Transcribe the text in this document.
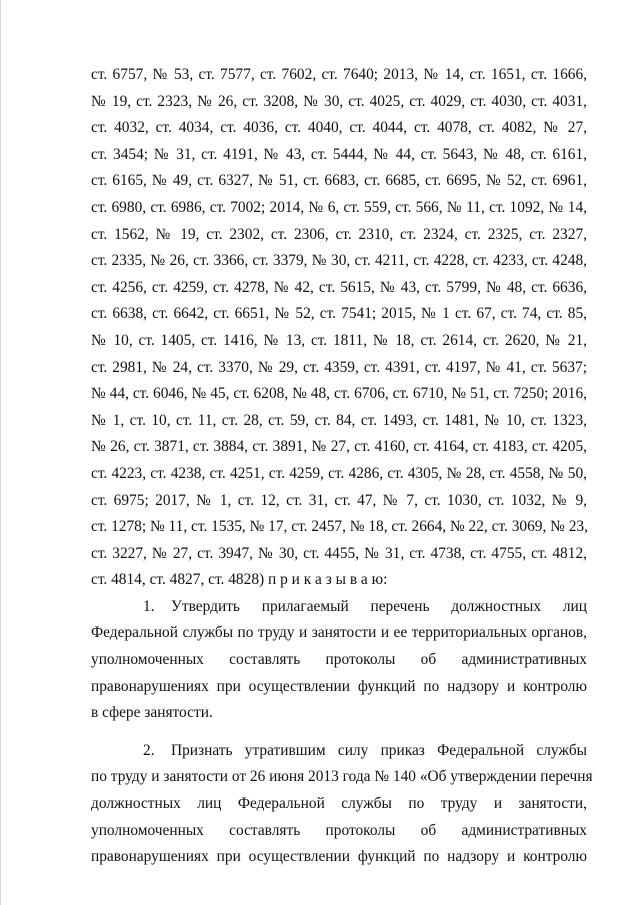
ст. 6757, № 53, ст. 7577, ст. 7602, ст. 7640; 2013, № 14, ст. 1651, ст. 1666,
№ 19, ст. 2323, № 26, ст. 3208, № 30, ст. 4025, ст. 4029, ст. 4030, ст. 4031,
ст. 4032, ст. 4034, ст. 4036, ст. 4040, ст. 4044, ст. 4078, ст. 4082, № 27,
ст. 3454; № 31, ст. 4191, № 43, ст. 5444, № 44, ст. 5643, № 48, ст. 6161,
ст. 6165, № 49, ст. 6327, № 51, ст. 6683, ст. 6685, ст. 6695, № 52, ст. 6961,
ст. 6980, ст. 6986, ст. 7002; 2014, № 6, ст. 559, ст. 566, № 11, ст. 1092, № 14,
ст. 1562, № 19, ст. 2302, ст. 2306, ст. 2310, ст. 2324, ст. 2325, ст. 2327,
ст. 2335, № 26, ст. 3366, ст. 3379, № 30, ст. 4211, ст. 4228, ст. 4233, ст. 4248,
ст. 4256, ст. 4259, ст. 4278, № 42, ст. 5615, № 43, ст. 5799, № 48, ст. 6636,
ст. 6638, ст. 6642, ст. 6651, № 52, ст. 7541; 2015, № 1 ст. 67, ст. 74, ст. 85,
№ 10, ст. 1405, ст. 1416, № 13, ст. 1811, № 18, ст. 2614, ст. 2620, № 21,
ст. 2981, № 24, ст. 3370, № 29, ст. 4359, ст. 4391, ст. 4197, № 41, ст. 5637;
№ 44, ст. 6046, № 45, ст. 6208, № 48, ст. 6706, ст. 6710, № 51, ст. 7250; 2016,
№ 1, ст. 10, ст. 11, ст. 28, ст. 59, ст. 84, ст. 1493, ст. 1481, № 10, ст. 1323,
№ 26, ст. 3871, ст. 3884, ст. 3891, № 27, ст. 4160, ст. 4164, ст. 4183, ст. 4205,
ст. 4223, ст. 4238, ст. 4251, ст. 4259, ст. 4286, ст. 4305, № 28, ст. 4558, № 50,
ст. 6975; 2017, № 1, ст. 12, ст. 31, ст. 47, № 7, ст. 1030, ст. 1032, № 9,
ст. 1278; № 11, ст. 1535, № 17, ст. 2457, № 18, ст. 2664, № 22, ст. 3069, № 23,
ст. 3227, № 27, ст. 3947, № 30, ст. 4455, № 31, ст. 4738, ст. 4755, ст. 4812,
ст. 4814, ст. 4827, ст. 4828) п р и к а з ы в а ю:
1.	Утвердить прилагаемый перечень должностных лиц
Федеральной службы по труду и занятости и ее территориальных органов,
уполномоченных составлять протоколы об административных
правонарушениях при осуществлении функций по надзору и контролю
в сфере занятости.
2.	Признать утратившим силу приказ Федеральной службы
по труду и занятости от 26 июня 2013 года № 140 «Об утверждении перечня
должностных лиц Федеральной службы по труду и занятости,
уполномоченных составлять протоколы об административных
правонарушениях при осуществлении функций по надзору и контролю
